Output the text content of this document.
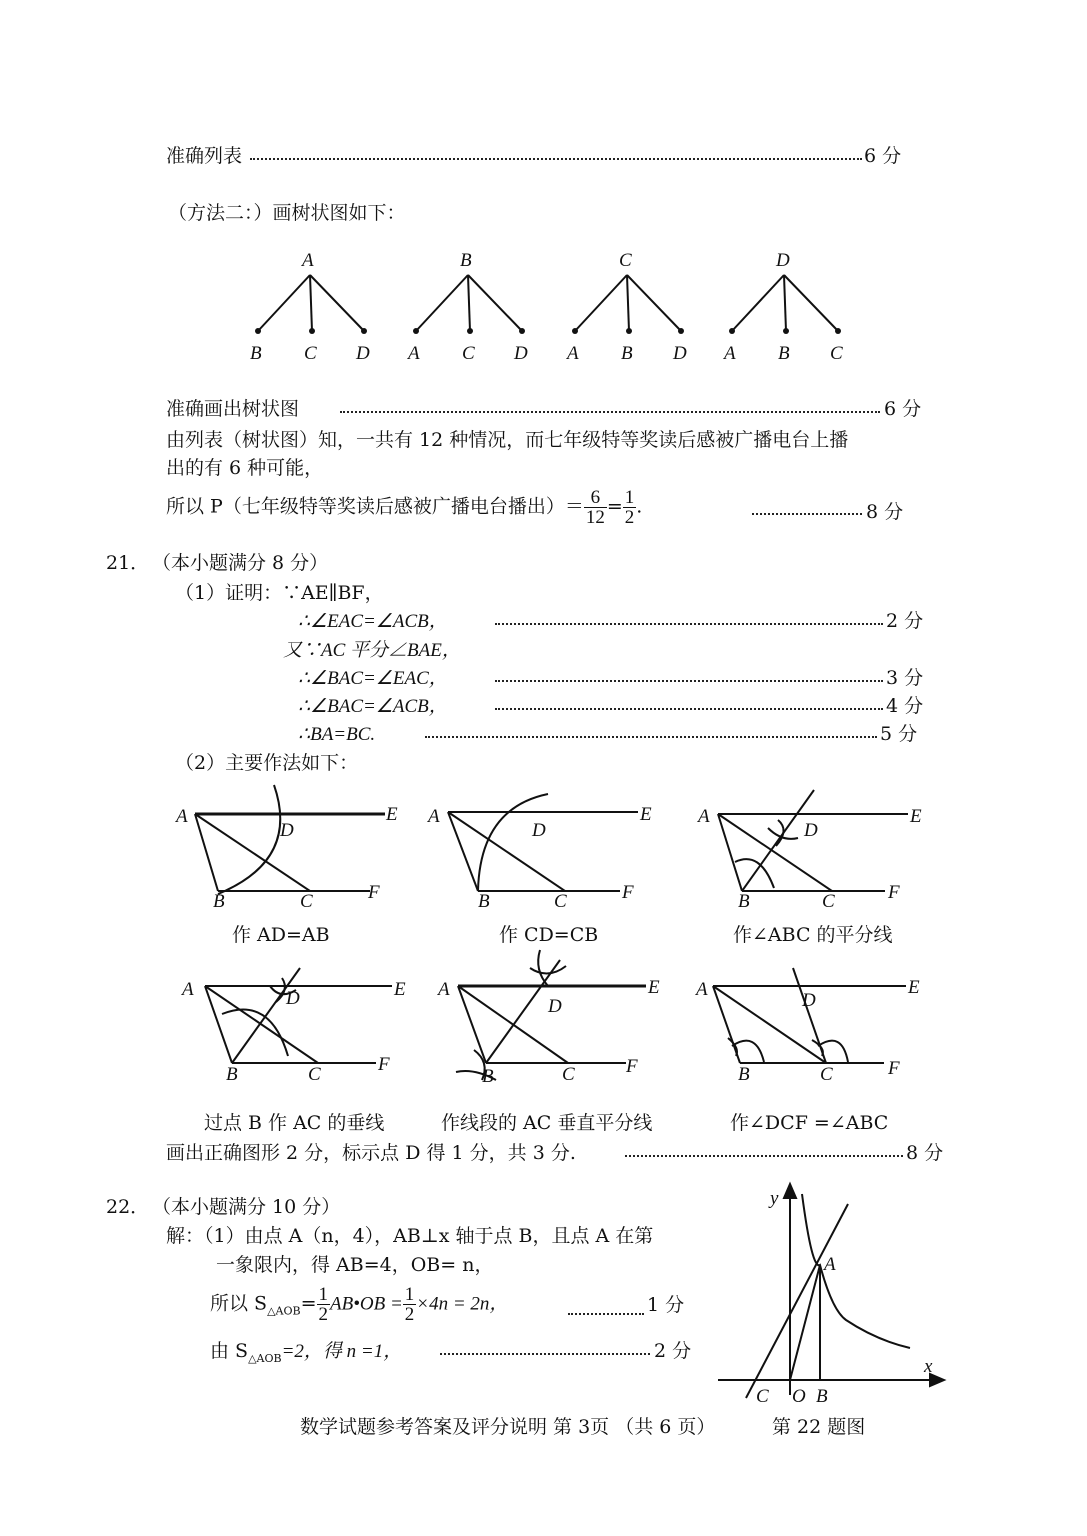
准确列表	6 分
（方法二：）画树状图如下：
A
B C D
B
A C D
C
A B D
D
A B C
准确画出树状图	6 分
由列表（树状图）知，一共有 12 种情况，而七年级特等奖读后感被广播电台上播
出的有 6 种可能，
所以 P（七年级特等奖读后感被广播电台播出）＝ $\frac{6}{12} = \frac{1}{2}$ .	8 分
21． （本小题满分 8 分）
（1）证明：∵AE∥BF，
∴∠EAC=∠ACB，	2 分
又∵AC 平分∠BAE，
∴∠BAC=∠EAC，	3 分
∴∠BAC=∠ACB，	4 分
∴BA=BC.	5 分
（2）主要作法如下：
A
D
E
B	C	F
A
D
E
B	C	F
A
D
E
B	C	F
A	D	E
B	C	F
A
D
E
B	C	F
A
D
E
B	C	F
作 AD=AB	作 CD=CB	作∠ABC 的平分线
过点 B 作 AC 的垂线	作线段的 AC 垂直平分线	作∠DCF =∠ABC
画出正确图形 2 分，标示点 D 得 1 分，共 3 分.	8 分
22． （本小题满分 10 分）
解：（1）由点 A（n，4），AB⊥x 轴于点 B，且点 A 在第
一象限内，得 AB=4，OB= n，
所以 $S_{\triangle AOB}= \frac{1}{2}$ AB•OB = $\frac{1}{2} \times 4n = 2n$，	1 分
由 $S_{\triangle AOB}=2$，得 n =1，	2 分
y
x
A
C O B
第 22 题图
数学试题参考答案及评分说明 第 3页 （共 6 页）
